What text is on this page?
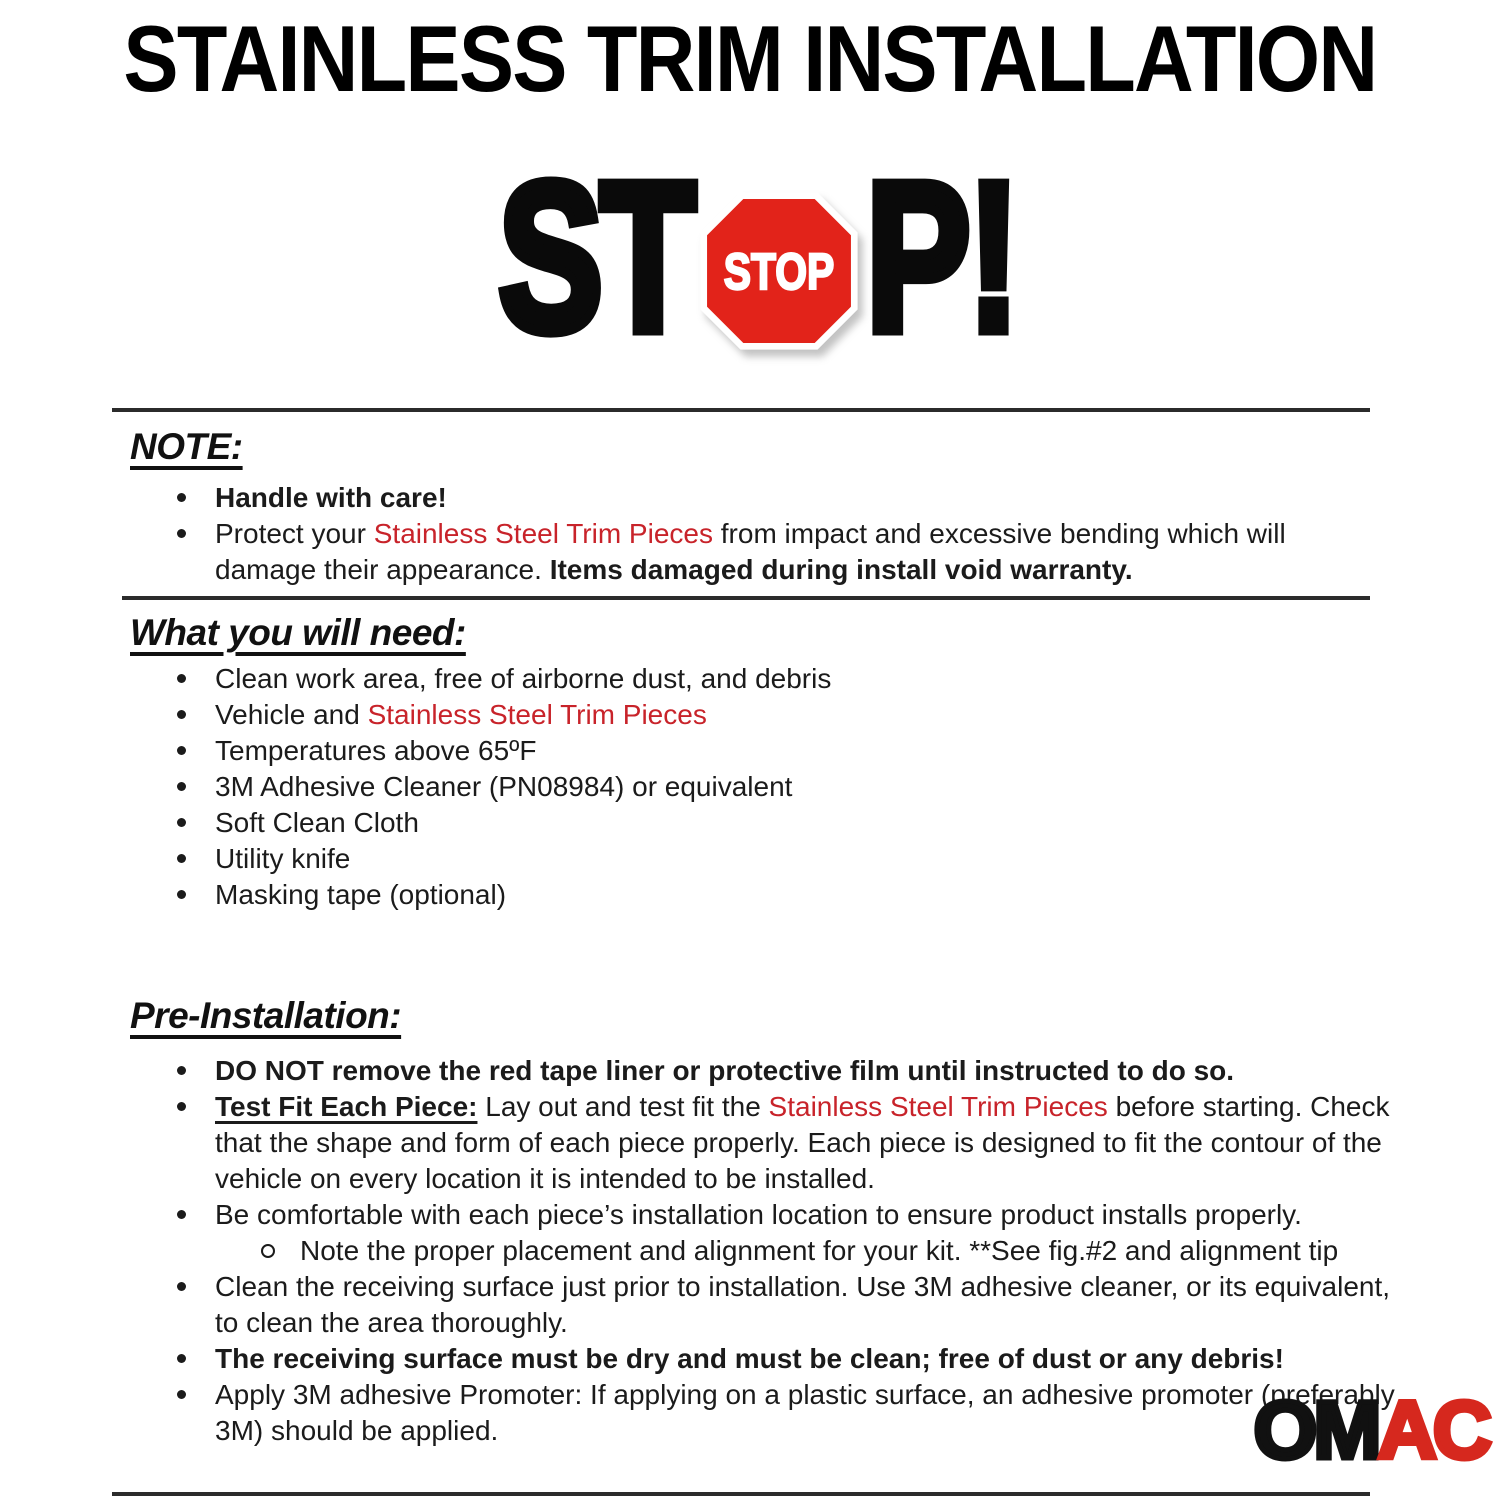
STAINLESS TRIM INSTALLATION
ST STOP P!
NOTE:
Handle with care!
Protect your Stainless Steel Trim Pieces from impact and excessive bending which will damage their appearance. Items damaged during install void warranty.
What you will need:
Clean work area, free of airborne dust, and debris
Vehicle and Stainless Steel Trim Pieces
Temperatures above 65ºF
3M Adhesive Cleaner (PN08984) or equivalent
Soft Clean Cloth
Utility knife
Masking tape (optional)
Pre-Installation:
DO NOT remove the red tape liner or protective film until instructed to do so.
Test Fit Each Piece: Lay out and test fit the Stainless Steel Trim Pieces before starting. Check that the shape and form of each piece properly. Each piece is designed to fit the contour of the vehicle on every location it is intended to be installed.
Be comfortable with each piece’s installation location to ensure product installs properly.
Note the proper placement and alignment for your kit. **See fig.#2 and alignment tip
Clean the receiving surface just prior to installation. Use 3M adhesive cleaner, or its equivalent, to clean the area thoroughly.
The receiving surface must be dry and must be clean; free of dust or any debris!
Apply 3M adhesive Promoter: If applying on a plastic surface, an adhesive promoter (preferably 3M) should be applied.	OMAC
